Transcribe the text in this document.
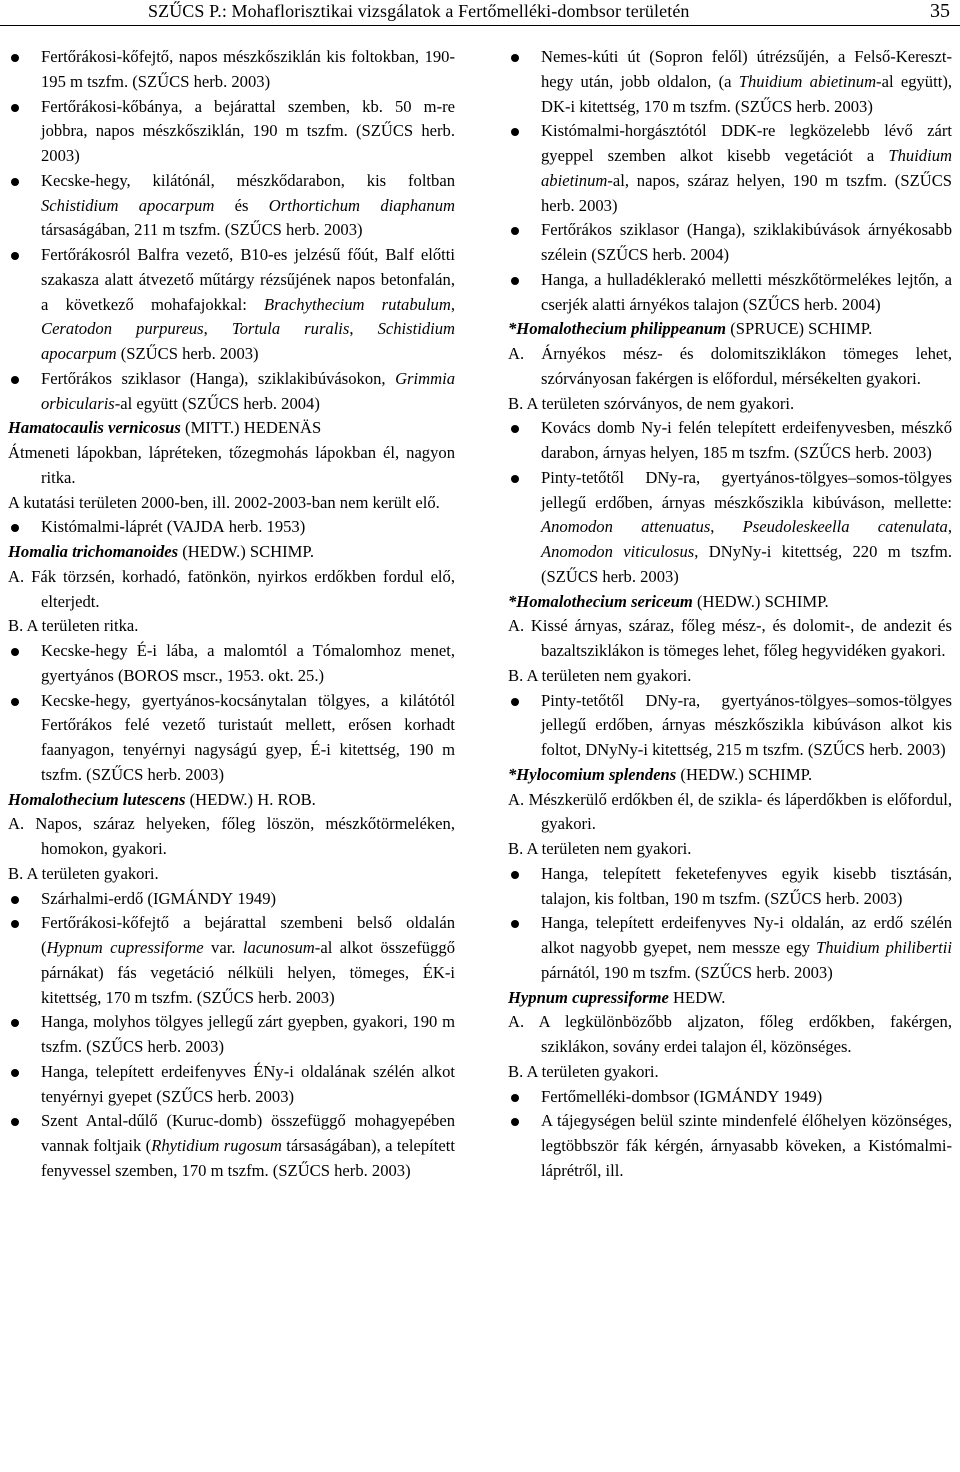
SZŰCS P.: Mohaflorisztikai vizsgálatok a Fertőmelléki-dombsor területén	35
Fertőrákosi-kőfejtő, napos mészkősziklán kis foltokban, 190-195 m tszfm. (SZŰCS herb. 2003)
Fertőrákosi-kőbánya, a bejárattal szemben, kb. 50 m-re jobbra, napos mészkősziklán, 190 m tszfm. (SZŰCS herb. 2003)
Kecske-hegy, kilátónál, mészkődarabon, kis foltban Schistidium apocarpum és Orthortichum diaphanum társaságában, 211 m tszfm. (SZŰCS herb. 2003)
Fertőrákosról Balfra vezető, B10-es jelzésű főút, Balf előtti szakasza alatt átvezető műtárgy rézsűjének napos betonfalán, a következő mohafajokkal: Brachythecium rutabulum, Ceratodon purpureus, Tortula ruralis, Schistidium apocarpum (SZŰCS herb. 2003)
Fertőrákos sziklasor (Hanga), sziklakibúvásokon, Grimmia orbicularis-al együtt (SZŰCS herb. 2004)
Hamatocaulis vernicosus (MITT.) HEDENÄS
Átmeneti lápokban, lápréteken, tőzegmohás lápokban él, nagyon ritka.
A kutatási területen 2000-ben, ill. 2002-2003-ban nem került elő.
Kistómalmi-láprét (VAJDA herb. 1953)
Homalia trichomanoides (HEDW.) SCHIMP.
A. Fák törzsén, korhadó, fatönkön, nyirkos erdőkben fordul elő, elterjedt.
B. A területen ritka.
Kecske-hegy É-i lába, a malomtól a Tómalomhoz menet, gyertyános (BOROS mscr., 1953. okt. 25.)
Kecske-hegy, gyertyános-kocsánytalan tölgyes, a kilátótól Fertőrákos felé vezető turistaút mellett, erősen korhadt faanyagon, tenyérnyi nagyságú gyep, É-i kitettség, 190 m tszfm. (SZŰCS herb. 2003)
Homalothecium lutescens (HEDW.) H. ROB.
A. Napos, száraz helyeken, főleg löszön, mészkőtörmeléken, homokon, gyakori.
B. A területen gyakori.
Szárhalmi-erdő (IGMÁNDY 1949)
Fertőrákosi-kőfejtő a bejárattal szembeni belső oldalán (Hypnum cupressiforme var. lacunosum-al alkot összefüggő párnákat) fás vegetáció nélküli helyen, tömeges, ÉK-i kitettség, 170 m tszfm. (SZŰCS herb. 2003)
Hanga, molyhos tölgyes jellegű zárt gyepben, gyakori, 190 m tszfm. (SZŰCS herb. 2003)
Hanga, telepített erdeifenyves ÉNy-i oldalának szélén alkot tenyérnyi gyepet (SZŰCS herb. 2003)
Szent Antal-dűlő (Kuruc-domb) összefüggő mohagyepében vannak foltjaik (Rhytidium rugosum társaságában), a telepített fenyvessel szemben, 170 m tszfm. (SZŰCS herb. 2003)
Nemes-kúti út (Sopron felől) útrézsűjén, a Felső-Kereszt-hegy után, jobb oldalon, (a Thuidium abietinum-al együtt), DK-i kitettség, 170 m tszfm. (SZŰCS herb. 2003)
Kistómalmi-horgásztótól DDK-re legközelebb lévő zárt gyeppel szemben alkot kisebb vegetációt a Thuidium abietinum-al, napos, száraz helyen, 190 m tszfm. (SZŰCS herb. 2003)
Fertőrákos sziklasor (Hanga), sziklakibúvások árnyékosabb szélein (SZŰCS herb. 2004)
Hanga, a hulladéklerakó melletti mészkőtörmelékes lejtőn, a cserjék alatti árnyékos talajon (SZŰCS herb. 2004)
*Homalothecium philippeanum (SPRUCE) SCHIMP.
A. Árnyékos mész- és dolomitsziklákon tömeges lehet, szórványosan fakérgen is előfordul, mérsékelten gyakori.
B. A területen szórványos, de nem gyakori.
Kovács domb Ny-i felén telepített erdeifenyvesben, mészkő darabon, árnyas helyen, 185 m tszfm. (SZŰCS herb. 2003)
Pinty-tetőtől DNy-ra, gyertyános-tölgyes–somos-tölgyes jellegű erdőben, árnyas mészkőszikla kibúváson, mellette: Anomodon attenuatus, Pseudoleskeella catenulata, Anomodon viticulosus, DNyNy-i kitettség, 220 m tszfm. (SZŰCS herb. 2003)
*Homalothecium sericeum (HEDW.) SCHIMP.
A. Kissé árnyas, száraz, főleg mész-, és dolomit-, de andezit és bazaltsziklákon is tömeges lehet, főleg hegyvidéken gyakori.
B. A területen nem gyakori.
Pinty-tetőtől DNy-ra, gyertyános-tölgyes–somos-tölgyes jellegű erdőben, árnyas mészkőszikla kibúváson alkot kis foltot, DNyNy-i kitettség, 215 m tszfm. (SZŰCS herb. 2003)
*Hylocomium splendens (HEDW.) SCHIMP.
A. Mészkerülő erdőkben él, de szikla- és láperdőkben is előfordul, gyakori.
B. A területen nem gyakori.
Hanga, telepített feketefenyves egyik kisebb tisztásán, talajon, kis foltban, 190 m tszfm. (SZŰCS herb. 2003)
Hanga, telepített erdeifenyves Ny-i oldalán, az erdő szélén alkot nagyobb gyepet, nem messze egy Thuidium philibertii párnától, 190 m tszfm. (SZŰCS herb. 2003)
Hypnum cupressiforme HEDW.
A. A legkülönbözőbb aljzaton, főleg erdőkben, fakérgen, sziklákon, sovány erdei talajon él, közönséges.
B. A területen gyakori.
Fertőmelléki-dombsor (IGMÁNDY 1949)
A tájegységen belül szinte mindenfelé élőhelyen közönséges, legtöbbször fák kérgén, árnyasabb köveken, a Kistómalmi-láprétről, ill.
